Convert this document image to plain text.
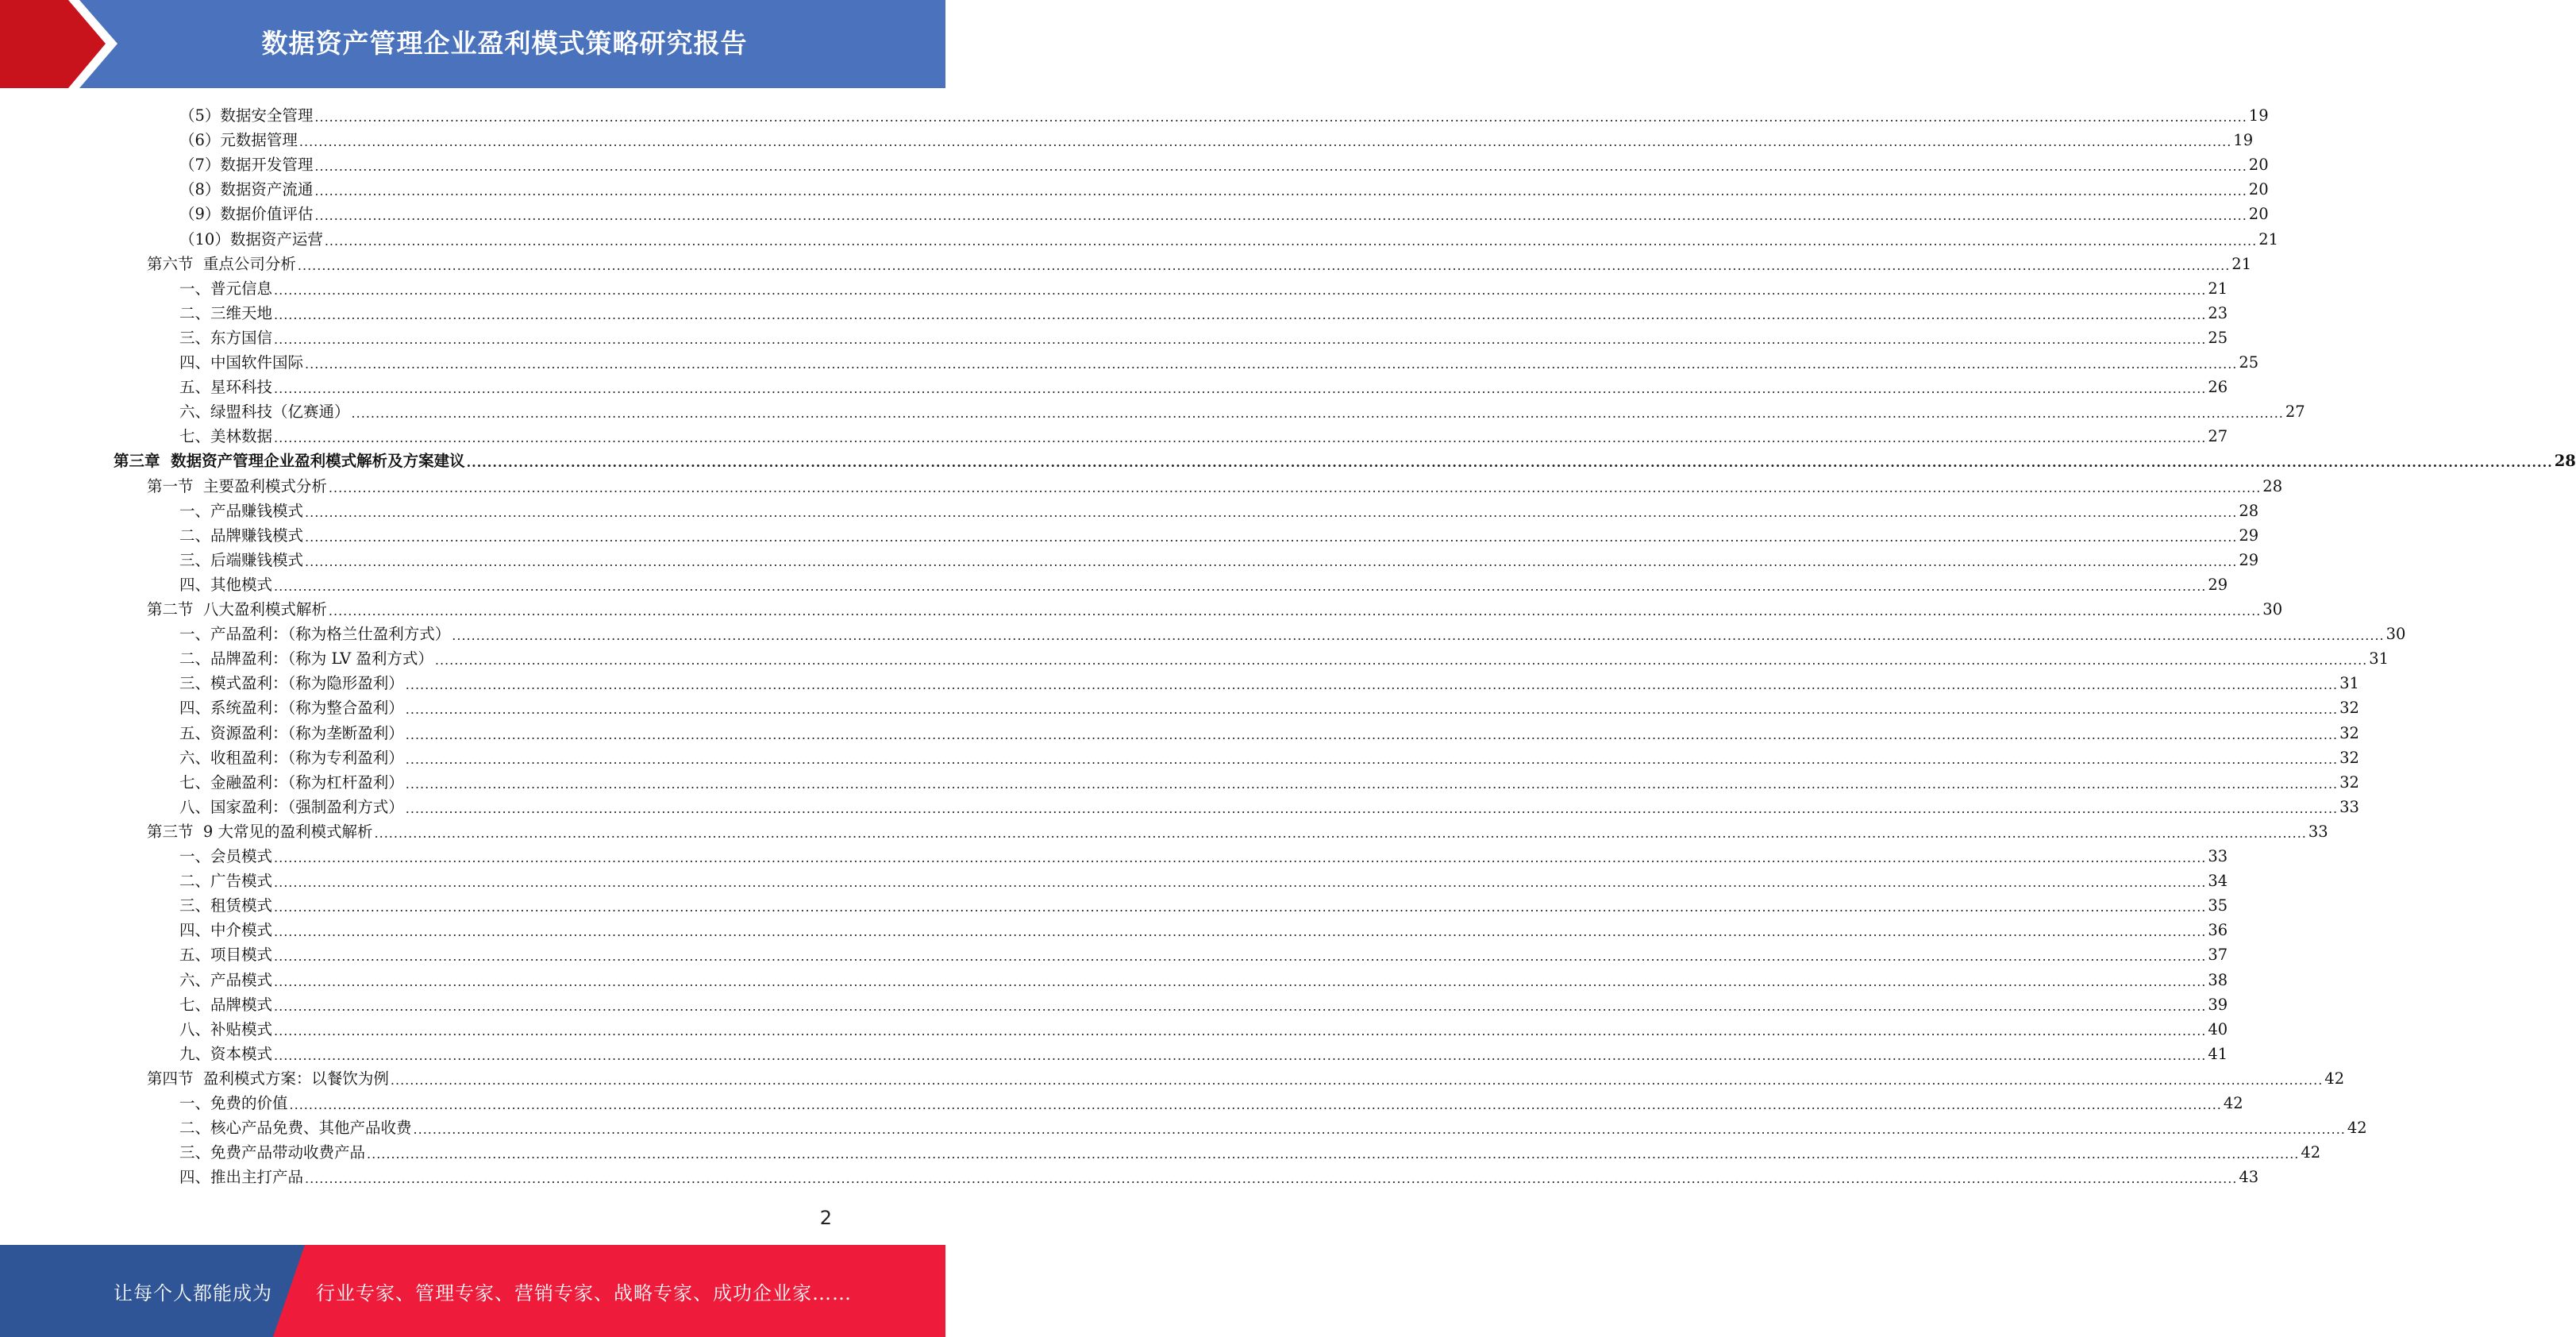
数据资产管理企业盈利模式策略研究报告
（5）数据安全管理 ................................................................................................................................................................................................................................................................................................................................................................................................................ 19
（6）元数据管理 ................................................................................................................................................................................................................................................................................................................................................................................................................ 19
（7）数据开发管理 ................................................................................................................................................................................................................................................................................................................................................................................................................ 20
（8）数据资产流通 ................................................................................................................................................................................................................................................................................................................................................................................................................ 20
（9）数据价值评估 ................................................................................................................................................................................................................................................................................................................................................................................................................ 20
（10）数据资产运营 ................................................................................................................................................................................................................................................................................................................................................................................................................ 21
第六节  重点公司分析 ................................................................................................................................................................................................................................................................................................................................................................................................................ 21
一、普元信息 ................................................................................................................................................................................................................................................................................................................................................................................................................ 21
二、三维天地 ................................................................................................................................................................................................................................................................................................................................................................................................................ 23
三、东方国信 ................................................................................................................................................................................................................................................................................................................................................................................................................ 25
四、中国软件国际 ................................................................................................................................................................................................................................................................................................................................................................................................................ 25
五、星环科技 ................................................................................................................................................................................................................................................................................................................................................................................................................ 26
六、绿盟科技（亿赛通） ................................................................................................................................................................................................................................................................................................................................................................................................................ 27
七、美林数据 ................................................................................................................................................................................................................................................................................................................................................................................................................ 27
第三章  数据资产管理企业盈利模式解析及方案建议 ................................................................................................................................................................................................................................................................................................................................................................................................................ 28
第一节  主要盈利模式分析 ................................................................................................................................................................................................................................................................................................................................................................................................................ 28
一、产品赚钱模式 ................................................................................................................................................................................................................................................................................................................................................................................................................ 28
二、品牌赚钱模式 ................................................................................................................................................................................................................................................................................................................................................................................................................ 29
三、后端赚钱模式 ................................................................................................................................................................................................................................................................................................................................................................................................................ 29
四、其他模式 ................................................................................................................................................................................................................................................................................................................................................................................................................ 29
第二节  八大盈利模式解析 ................................................................................................................................................................................................................................................................................................................................................................................................................ 30
一、产品盈利：（称为格兰仕盈利方式） ................................................................................................................................................................................................................................................................................................................................................................................................................ 30
二、品牌盈利：（称为 LV 盈利方式） ................................................................................................................................................................................................................................................................................................................................................................................................................ 31
三、模式盈利：（称为隐形盈利） ................................................................................................................................................................................................................................................................................................................................................................................................................ 31
四、系统盈利：（称为整合盈利） ................................................................................................................................................................................................................................................................................................................................................................................................................ 32
五、资源盈利：（称为垄断盈利） ................................................................................................................................................................................................................................................................................................................................................................................................................ 32
六、收租盈利：（称为专利盈利） ................................................................................................................................................................................................................................................................................................................................................................................................................ 32
七、金融盈利：（称为杠杆盈利） ................................................................................................................................................................................................................................................................................................................................................................................................................ 32
八、国家盈利：（强制盈利方式） ................................................................................................................................................................................................................................................................................................................................................................................................................ 33
第三节  9 大常见的盈利模式解析 ................................................................................................................................................................................................................................................................................................................................................................................................................ 33
一、会员模式 ................................................................................................................................................................................................................................................................................................................................................................................................................ 33
二、广告模式 ................................................................................................................................................................................................................................................................................................................................................................................................................ 34
三、租赁模式 ................................................................................................................................................................................................................................................................................................................................................................................................................ 35
四、中介模式 ................................................................................................................................................................................................................................................................................................................................................................................................................ 36
五、项目模式 ................................................................................................................................................................................................................................................................................................................................................................................................................ 37
六、产品模式 ................................................................................................................................................................................................................................................................................................................................................................................................................ 38
七、品牌模式 ................................................................................................................................................................................................................................................................................................................................................................................................................ 39
八、补贴模式 ................................................................................................................................................................................................................................................................................................................................................................................................................ 40
九、资本模式 ................................................................................................................................................................................................................................................................................................................................................................................................................ 41
第四节  盈利模式方案：以餐饮为例 ................................................................................................................................................................................................................................................................................................................................................................................................................ 42
一、免费的价值 ................................................................................................................................................................................................................................................................................................................................................................................................................ 42
二、核心产品免费、其他产品收费 ................................................................................................................................................................................................................................................................................................................................................................................................................ 42
三、免费产品带动收费产品 ................................................................................................................................................................................................................................................................................................................................................................................................................ 42
四、推出主打产品 ................................................................................................................................................................................................................................................................................................................................................................................................................ 43
2
让每个人都能成为 行业专家、管理专家、营销专家、战略专家、成功企业家……
